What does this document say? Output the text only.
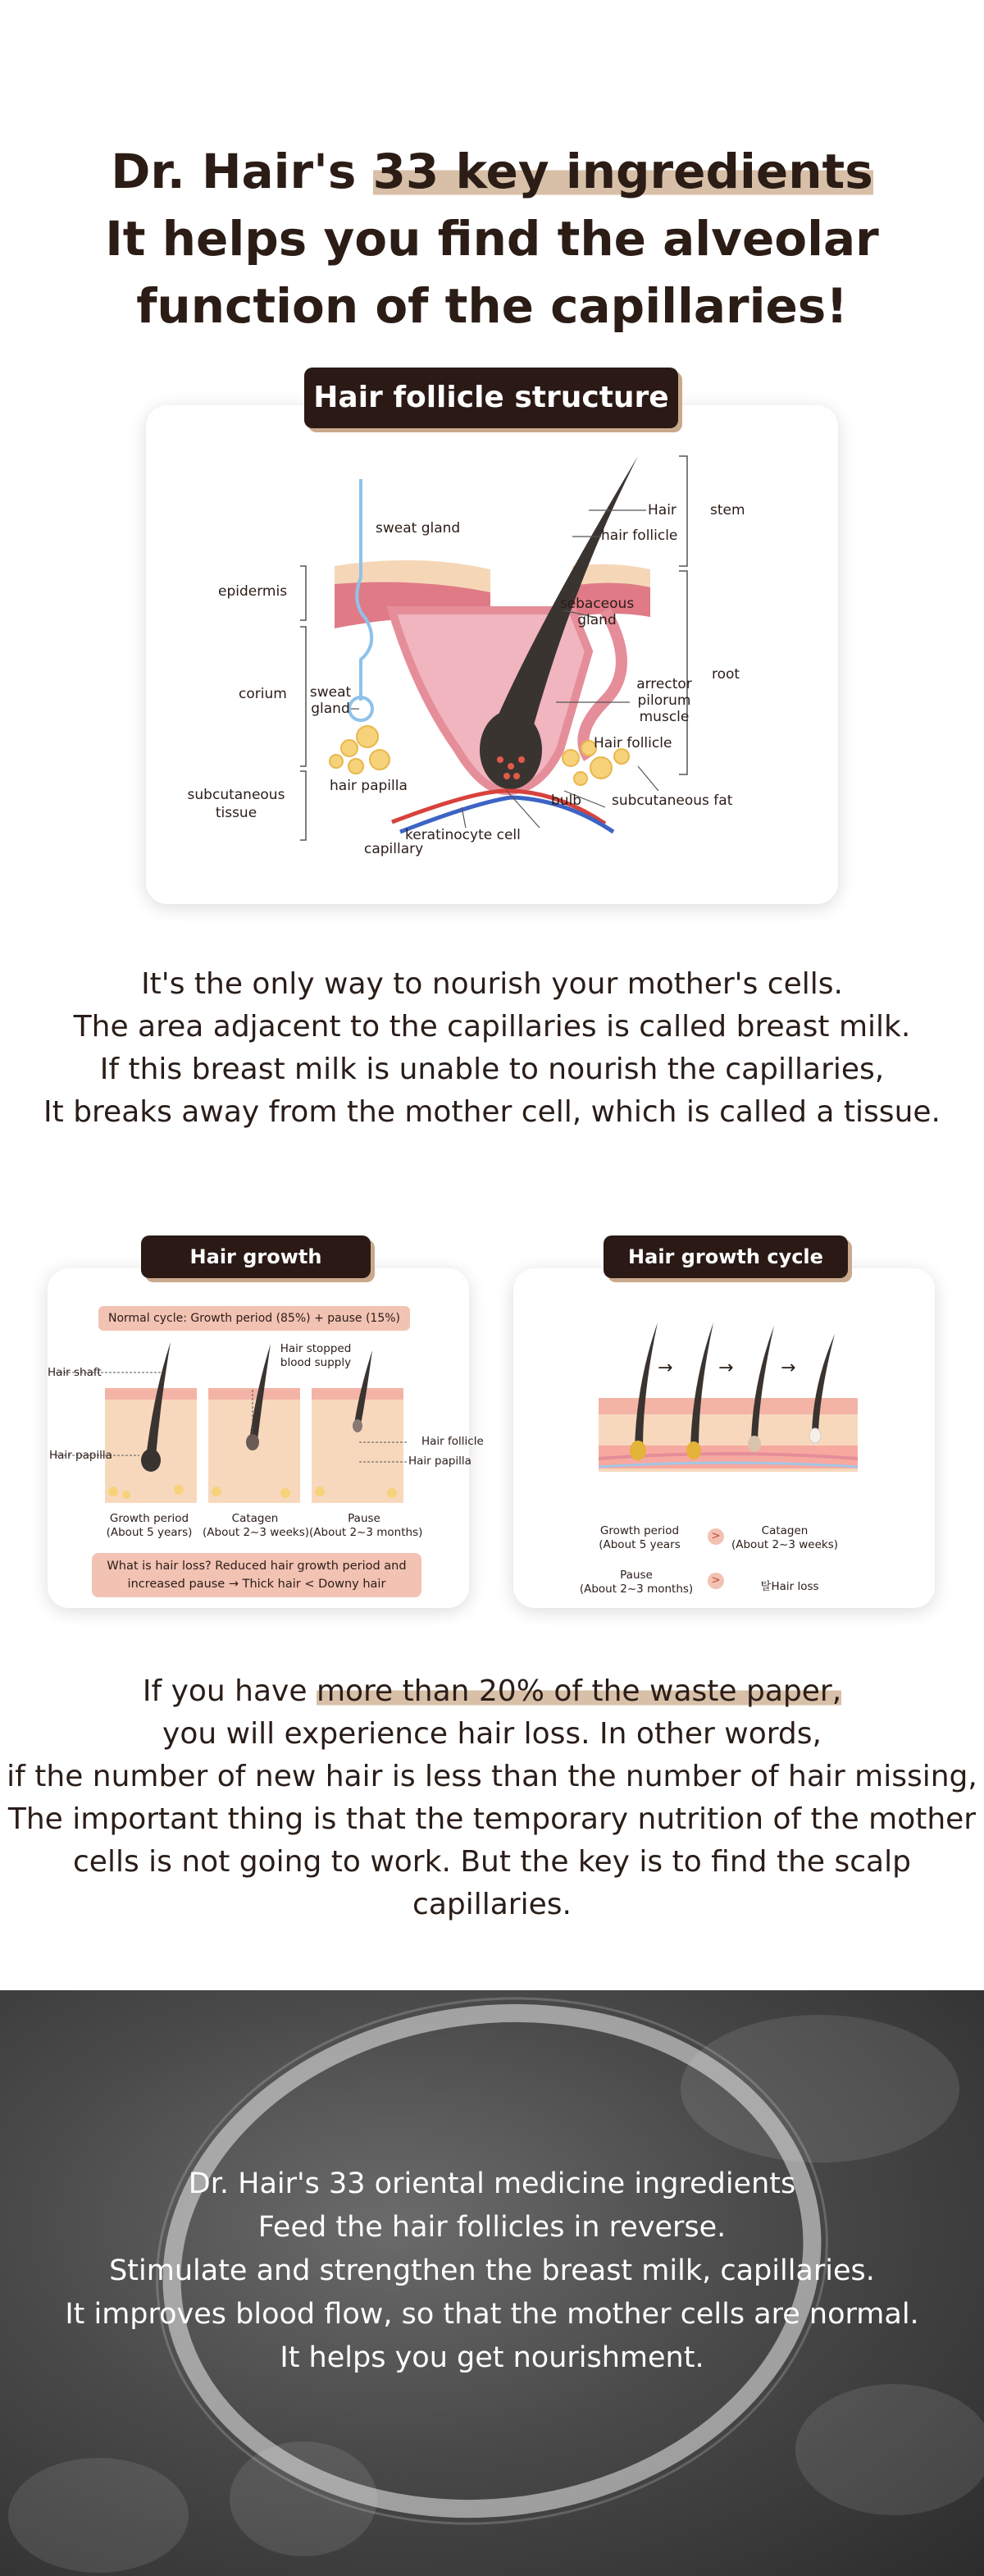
Dr. Hair's 33 key ingredients
It helps you find the alveolar
function of the capillaries!
Hair follicle structure
sweat gland
Hair stem
hair follicle
epidermis
sebaceous
gland
root
corium	sweat
gland
arrector
pilorum
muscle
Hair follicle
subcutaneous
tissue
hair papilla
bulb subcutaneous fat
keratinocyte cell
capillary
It's the only way to nourish your mother's cells.
The area adjacent to the capillaries is called breast milk.
If this breast milk is unable to nourish the capillaries,
It breaks away from the mother cell, which is called a tissue.
Hair growth
Normal cycle: Growth period (85%) + pause (15%)
Hair shaft
Hair papilla
Hair stopped
blood supply
Hair follicle
Hair papilla
Growth period
(About 5 years)
Catagen
(About 2~3 weeks)
Pause
(About 2~3 months)
What is hair loss? Reduced hair growth period and
increased pause → Thick hair < Downy hair
Hair growth cycle
→	→	→
Growth period
(About 5 years
>	Catagen
(About 2~3 weeks)
Pause
(About 2~3 months)
>	탈Hair loss
If you have more than 20% of the waste paper,
you will experience hair loss. In other words,
if the number of new hair is less than the number of hair missing,
The important thing is that the temporary nutrition of the mother
cells is not going to work. But the key is to find the scalp capillaries.
Dr. Hair's 33 oriental medicine ingredients
Feed the hair follicles in reverse.
Stimulate and strengthen the breast milk, capillaries.
It improves blood flow, so that the mother cells are normal.
It helps you get nourishment.
